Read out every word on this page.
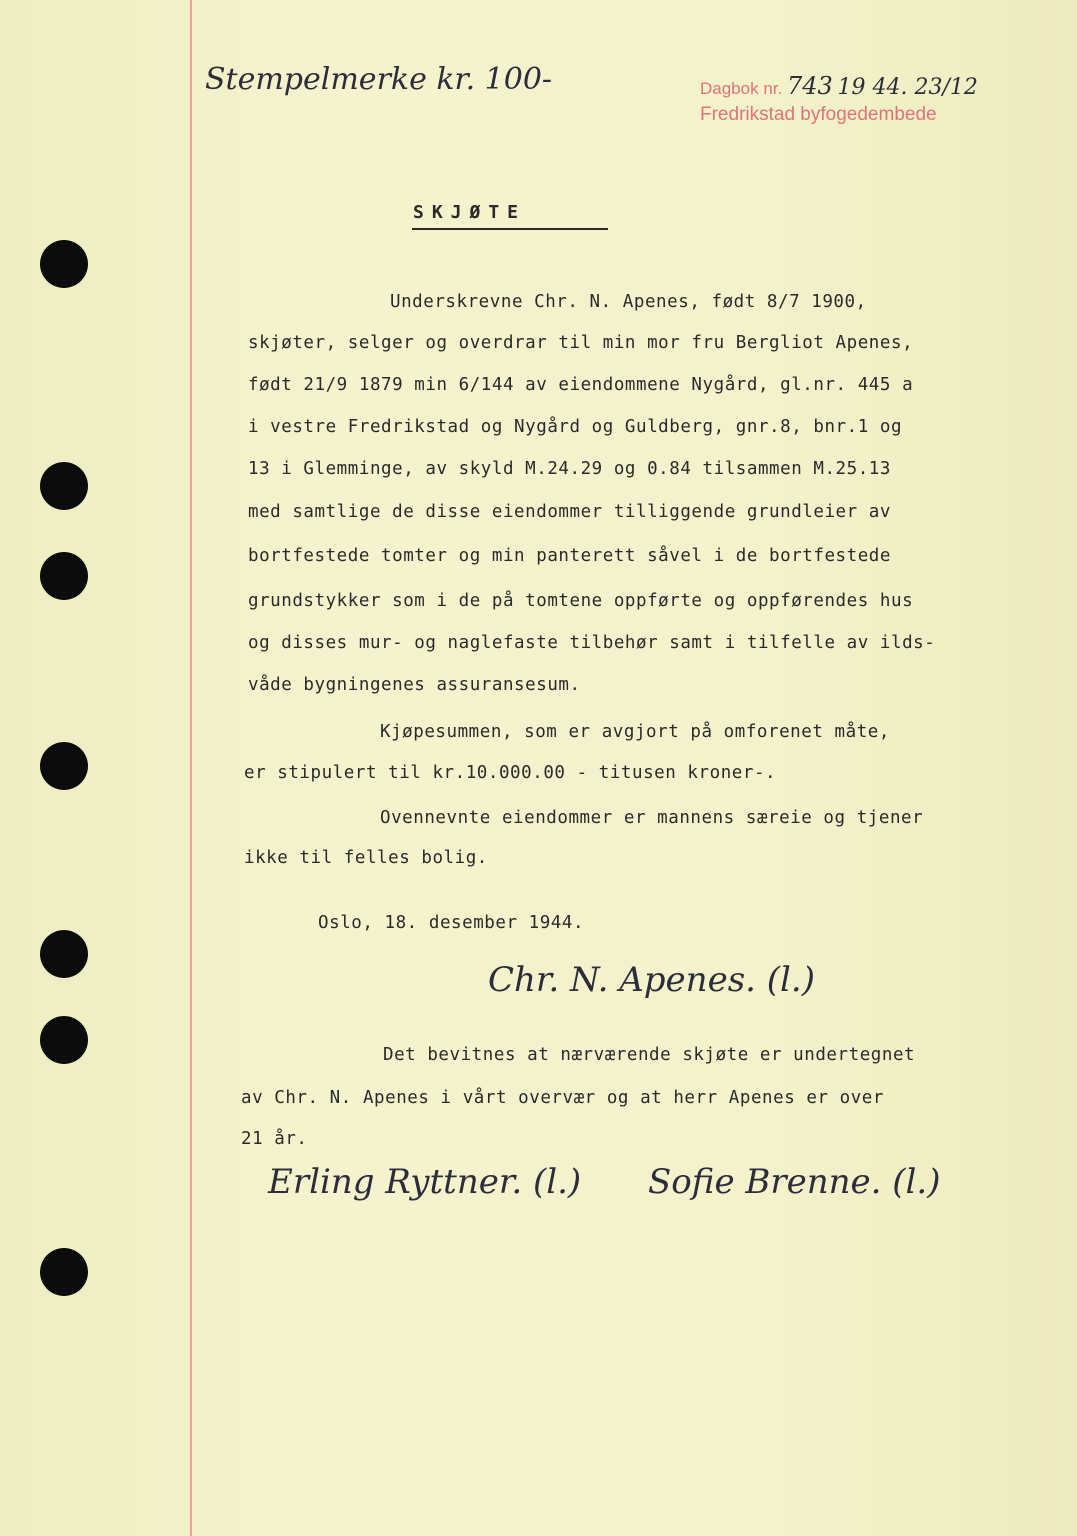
Stempelmerke kr. 100-	Dagbok nr. 743 19 44. 23/12
Fredrikstad byfogedembede
SKJØTE
Underskrevne Chr. N. Apenes, født 8/7 1900,
skjøter, selger og overdrar til min mor fru Bergliot Apenes,
født 21/9 1879 min 6/144 av eiendommene Nygård, gl.nr. 445 a
i vestre Fredrikstad og Nygård og Guldberg, gnr.8, bnr.1 og
13 i Glemminge, av skyld M.24.29 og 0.84 tilsammen M.25.13
med samtlige de disse eiendommer tilliggende grundleier av
bortfestede tomter og min panterett såvel i de bortfestede
grundstykker som i de på tomtene oppførte og oppførendes hus
og disses mur- og naglefaste tilbehør samt i tilfelle av ilds-
våde bygningenes assuransesum.
Kjøpesummen, som er avgjort på omforenet måte,
er stipulert til kr.10.000.00 - titusen kroner-.
Ovennevnte eiendommer er mannens særeie og tjener
ikke til felles bolig.
Oslo, 18. desember 1944.
Chr. N. Apenes. (l.)
Det bevitnes at nærværende skjøte er undertegnet
av Chr. N. Apenes i vårt overvær og at herr Apenes er over
21 år.
Erling Ryttner. (l.) Sofie Brenne. (l.)
